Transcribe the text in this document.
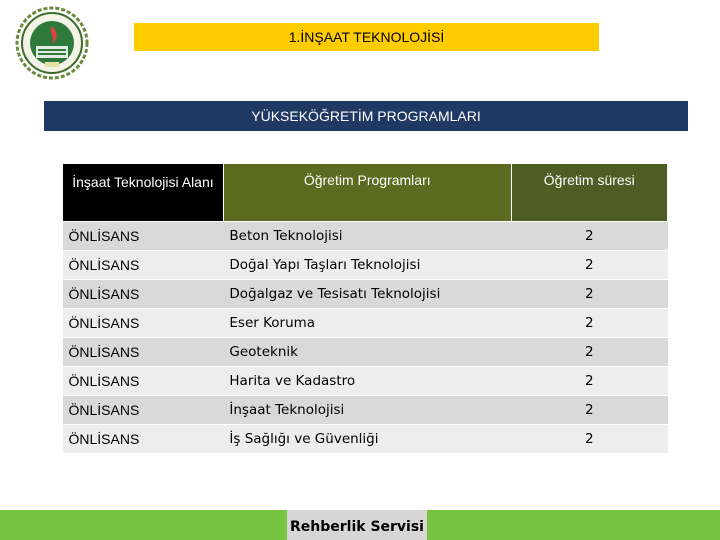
1.İNŞAAT TEKNOLOJİSİ
YÜKSEKÖĞRETİM PROGRAMLARI
İnşaat Teknolojisi Alanı	Öğretim Programları	Öğretim süresi
ÖNLİSANS	Beton Teknolojisi	2
ÖNLİSANS	Doğal Yapı Taşları Teknolojisi	2
ÖNLİSANS	Doğalgaz ve Tesisatı Teknolojisi	2
ÖNLİSANS	Eser Koruma	2
ÖNLİSANS	Geoteknik	2
ÖNLİSANS	Harita ve Kadastro	2
ÖNLİSANS	İnşaat Teknolojisi	2
ÖNLİSANS	İş Sağlığı ve Güvenliği	2
Rehberlik Servisi
